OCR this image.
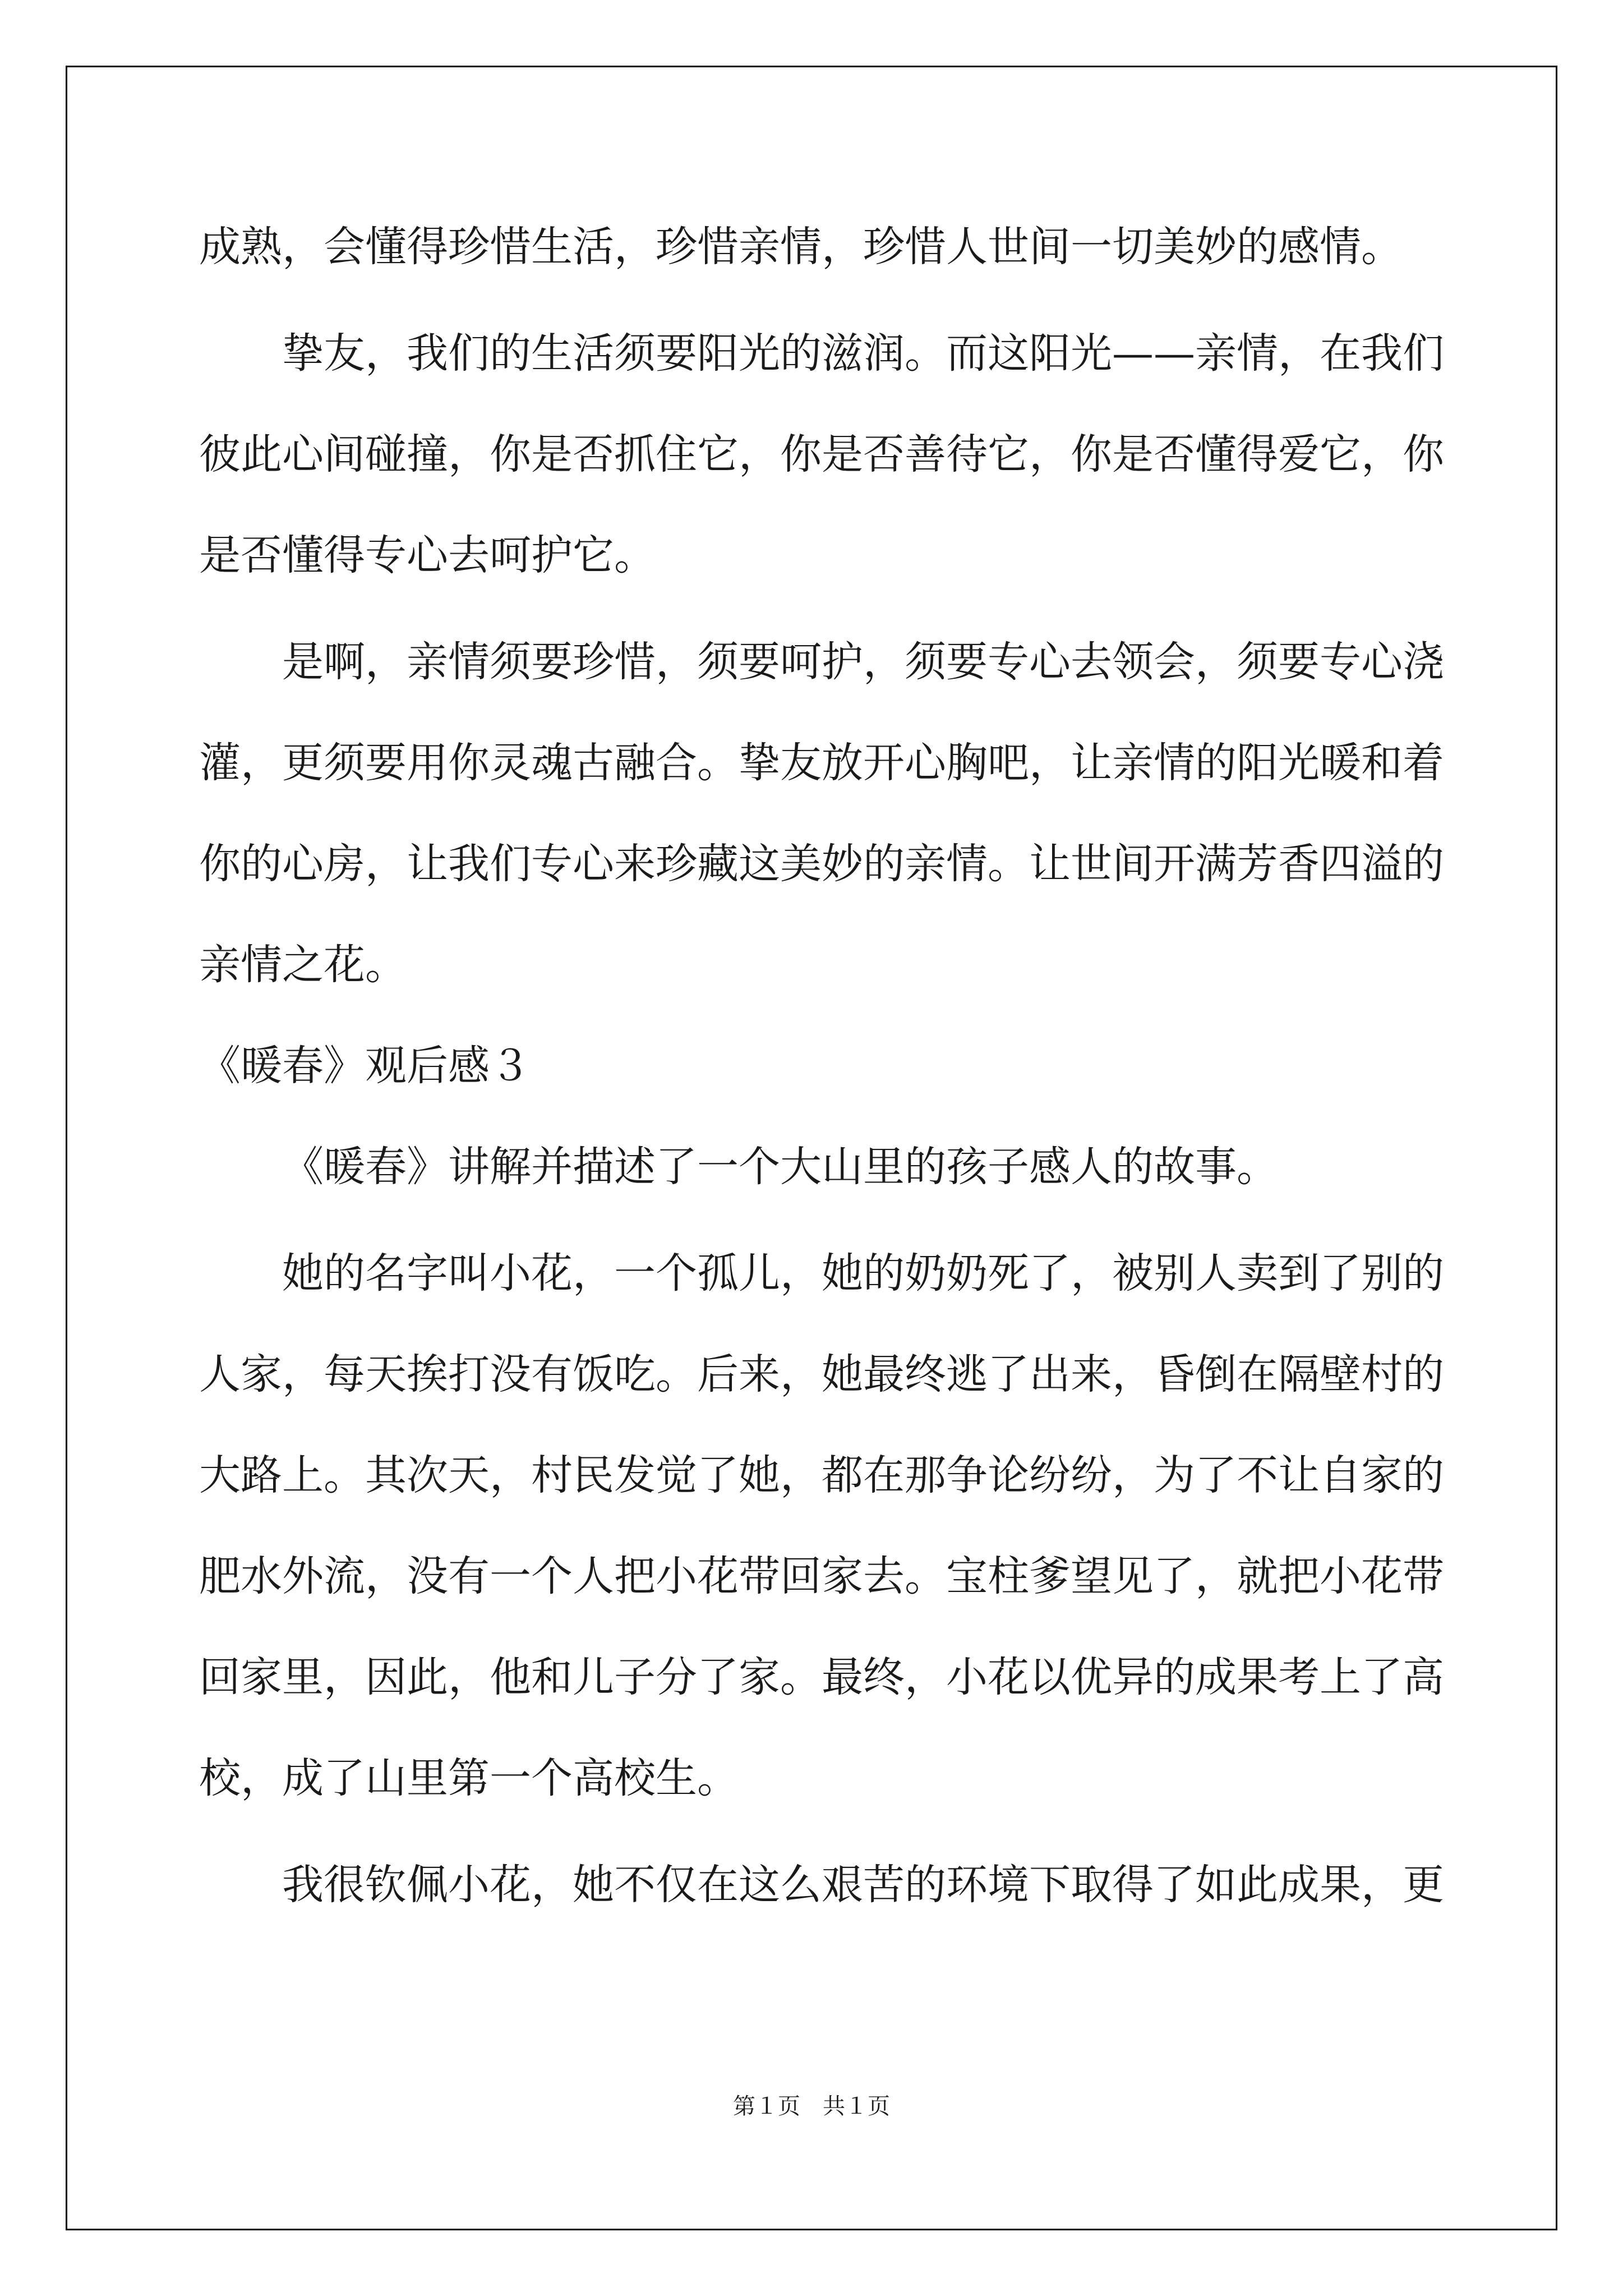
成熟，会懂得珍惜生活，珍惜亲情，珍惜人世间一切美妙的感情。

挚友，我们的生活须要阳光的滋润。而这阳光——亲情，在我们

彼此心间碰撞，你是否抓住它，你是否善待它，你是否懂得爱它，你

是否懂得专心去呵护它。

是啊，亲情须要珍惜，须要呵护，须要专心去领会，须要专心浇

灌，更须要用你灵魂古融合。挚友放开心胸吧，让亲情的阳光暖和着

你的心房，让我们专心来珍藏这美妙的亲情。让世间开满芳香四溢的

亲情之花。

《暖春》观后感３

《暖春》讲解并描述了一个大山里的孩子感人的故事。

她的名字叫小花，一个孤儿，她的奶奶死了，被别人卖到了别的

人家，每天挨打没有饭吃。后来，她最终逃了出来，昏倒在隔壁村的

大路上。其次天，村民发觉了她，都在那争论纷纷，为了不让自家的

肥水外流，没有一个人把小花带回家去。宝柱爹望见了，就把小花带

回家里，因此，他和儿子分了家。最终，小花以优异的成果考上了高

校，成了山里第一个高校生。

我很钦佩小花，她不仅在这么艰苦的环境下取得了如此成果，更

第１页　共１页
